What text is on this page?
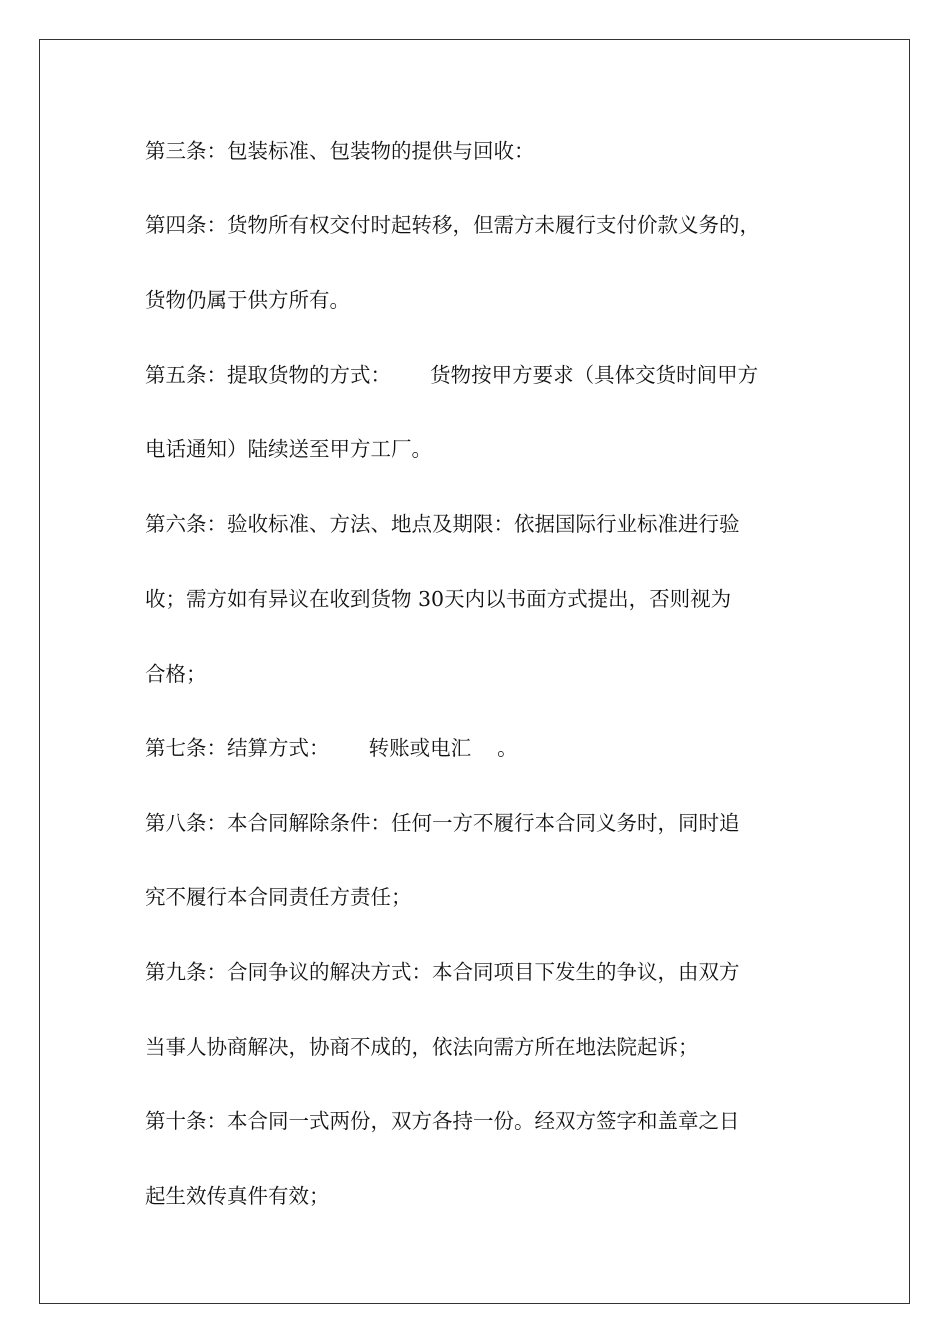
第三条：包装标准、包装物的提供与回收：
第四条：货物所有权交付时起转移，但需方未履行支付价款义务的，
货物仍属于供方所有。
第五条：提取货物的方式：      货物按甲方要求（具体交货时间甲方
电话通知）陆续送至甲方工厂。
第六条：验收标准、方法、地点及期限：依据国际行业标准进行验
收；需方如有异议在收到货物 30天内以书面方式提出，否则视为
合格；
第七条：结算方式：      转账或电汇    。
第八条：本合同解除条件：任何一方不履行本合同义务时，同时追
究不履行本合同责任方责任；
第九条：合同争议的解决方式：本合同项目下发生的争议，由双方
当事人协商解决，协商不成的，依法向需方所在地法院起诉；
第十条：本合同一式两份，双方各持一份。经双方签字和盖章之日
起生效传真件有效；
